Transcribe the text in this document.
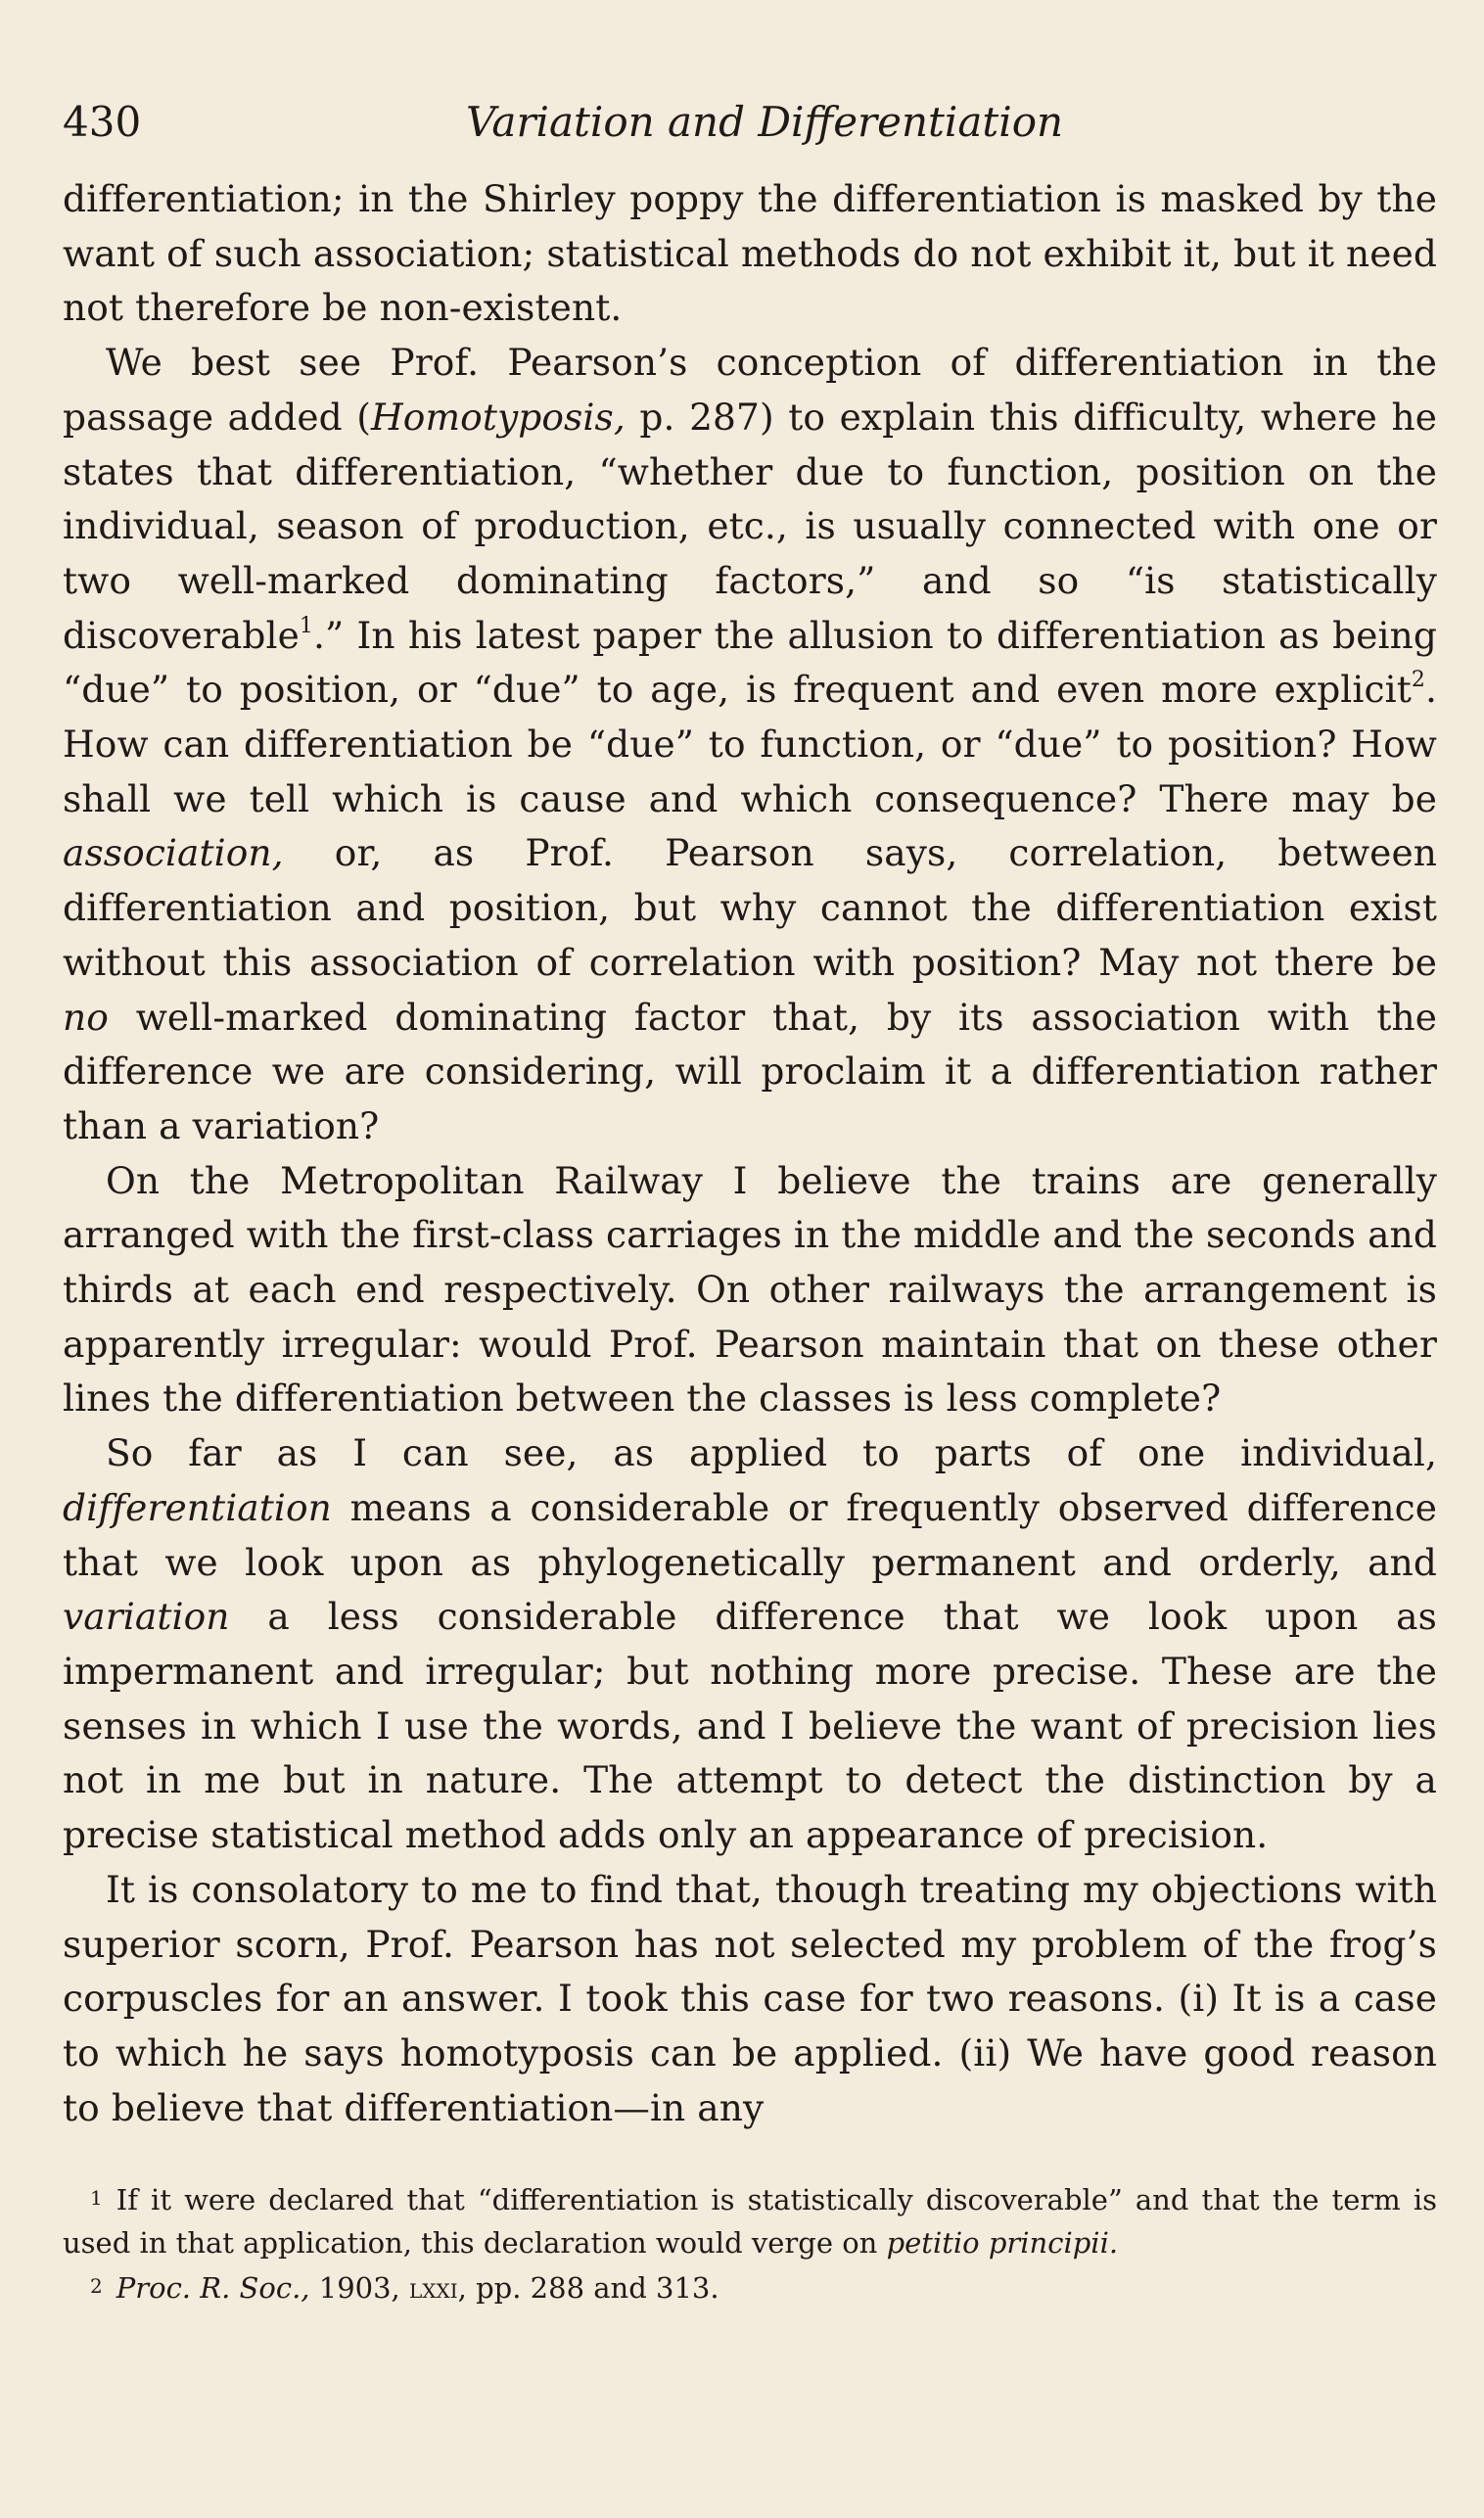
430	Variation and Differentiation

differentiation; in the Shirley poppy the differentiation is masked by the want of such association; statistical methods do not exhibit it, but it need not therefore be non-existent.

We best see Prof. Pearson’s conception of differentiation in the passage added (Homotyposis, p. 287) to explain this difficulty, where he states that differentiation, “whether due to function, position on the individual, season of production, etc., is usually connected with one or two well-marked dominating factors,” and so “is statistically discoverable$^1$.” In his latest paper the allusion to differentiation as being “due” to position, or “due” to age, is frequent and even more explicit$^2$. How can differentiation be “due” to function, or “due” to position? How shall we tell which is cause and which consequence? There may be association, or, as Prof. Pearson says, correlation, between differentiation and position, but why cannot the differentiation exist without this association of correlation with position? May not there be no well-marked dominating factor that, by its association with the difference we are considering, will proclaim it a differentiation rather than a variation?

On the Metropolitan Railway I believe the trains are generally arranged with the first-class carriages in the middle and the seconds and thirds at each end respectively. On other railways the arrangement is apparently irregular: would Prof. Pearson maintain that on these other lines the differentiation between the classes is less complete?

So far as I can see, as applied to parts of one individual, differentiation means a considerable or frequently observed difference that we look upon as phylogenetically permanent and orderly, and variation a less considerable difference that we look upon as impermanent and irregular; but nothing more precise. These are the senses in which I use the words, and I believe the want of precision lies not in me but in nature. The attempt to detect the distinction by a precise statistical method adds only an appearance of precision.

It is consolatory to me to find that, though treating my objections with superior scorn, Prof. Pearson has not selected my problem of the frog’s corpuscles for an answer. I took this case for two reasons. (i) It is a case to which he says homotyposis can be applied. (ii) We have good reason to believe that differentiation—in any

1 If it were declared that “differentiation is statistically discoverable” and that the term is used in that application, this declaration would verge on petitio principii.

2 Proc. R. Soc., 1903, lxxi, pp. 288 and 313.
